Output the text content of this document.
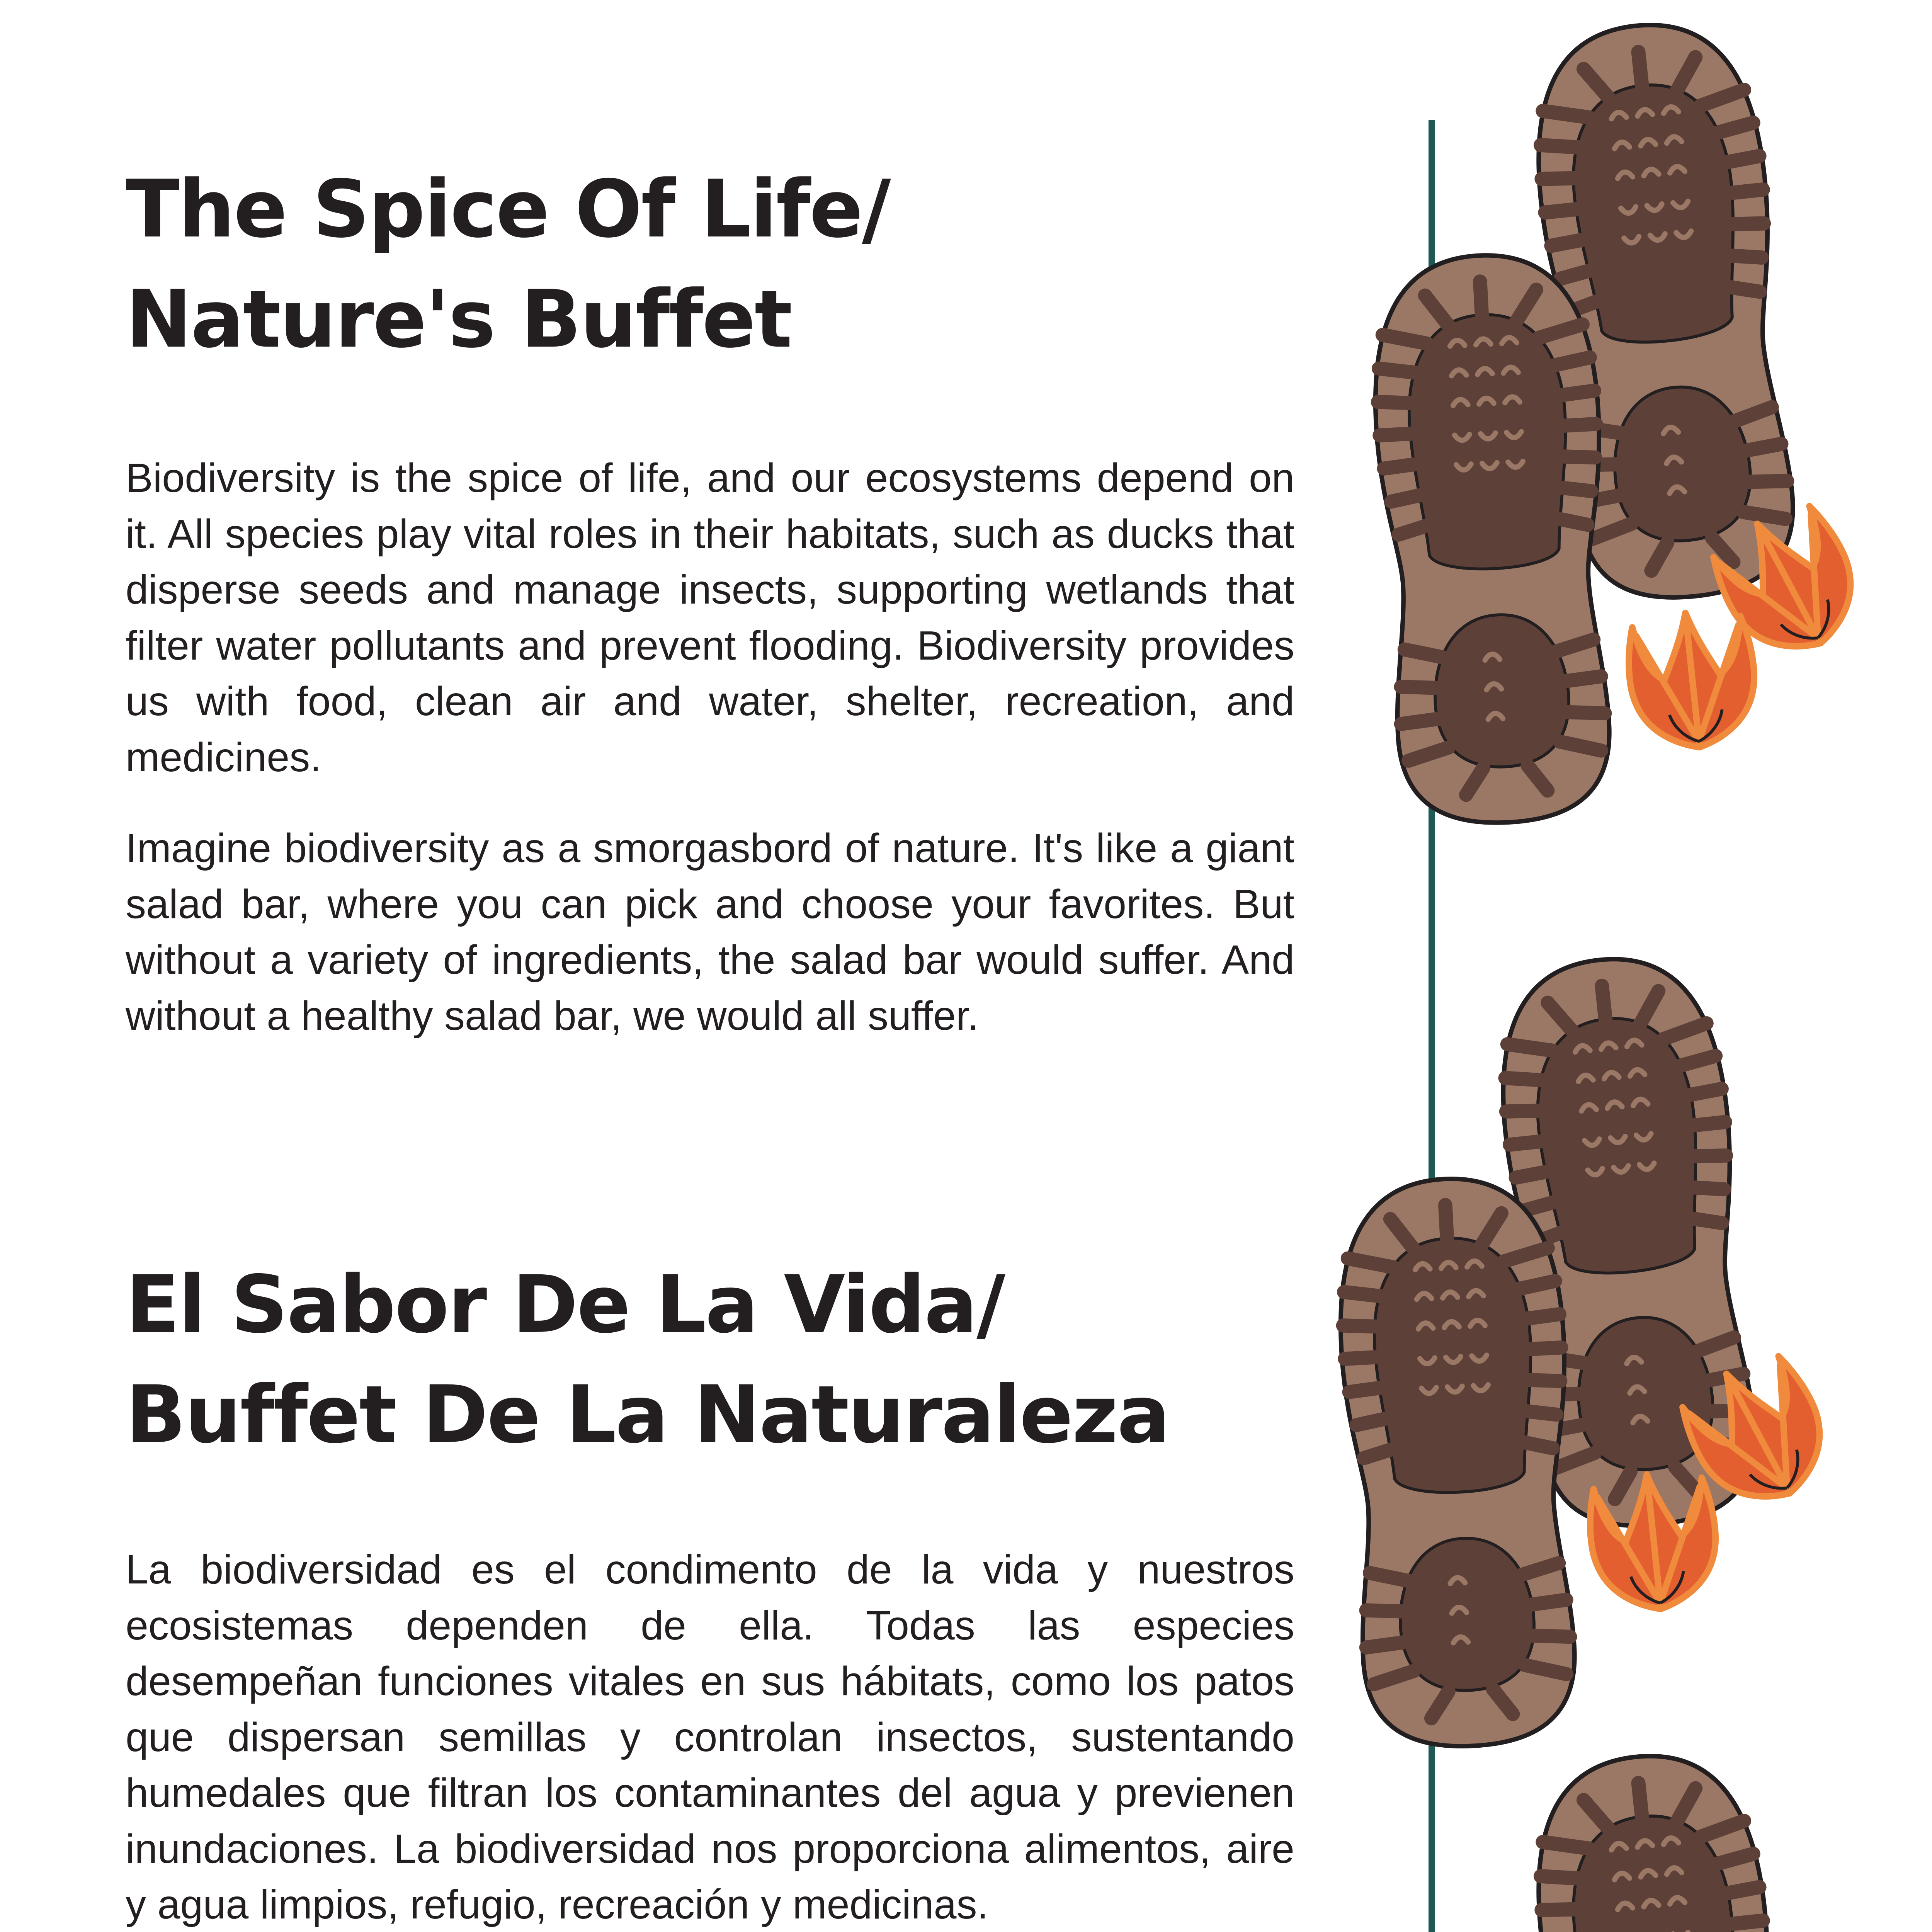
The Spice Of Life/
Nature's Buffet

Biodiversity is the spice of life, and our ecosystems depend on it. All species play vital roles in their habitats, such as ducks that disperse seeds and manage insects, supporting wetlands that filter water pollutants and prevent flooding. Biodiversity provides us with food, clean air and water, shelter, recreation, and medicines.

Imagine biodiversity as a smorgasbord of nature. It's like a giant salad bar, where you can pick and choose your favorites. But without a variety of ingredients, the salad bar would suffer. And without a healthy salad bar, we would all suffer.

El Sabor De La Vida/
Buffet De La Naturaleza

La biodiversidad es el condimento de la vida y nuestros ecosistemas dependen de ella. Todas las especies desempeñan funciones vitales en sus hábitats, como los patos que dispersan semillas y controlan insectos, sustentando humedales que filtran los contaminantes del agua y previenen inundaciones. La biodiversidad nos proporciona alimentos, aire y agua limpios, refugio, recreación y medicinas.
